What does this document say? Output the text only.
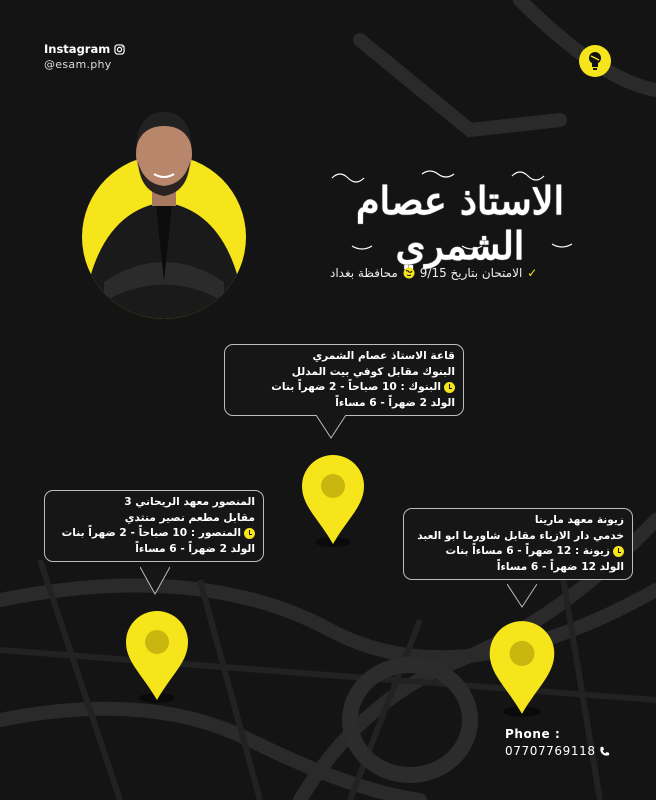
Instagram
@esam.phy
الاستاذ عصام الشمري
✓
الامتحان بتاريخ 9/15
محافظة بغداد
قاعة الاستاذ عصام الشمري
البنوك مقابل كوفي بيت المدلل
البنوك : 10 صباحاً - 2 ضهراً بنات
الولد 2 ضهراً - 6 مساءاً
المنصور معهد الريحاني 3
مقابل مطعم نصير منتدي
المنصور : 10 صباحاً - 2 ضهراً بنات
الولد 2 ضهراً - 6 مساءاً
زيونة معهد مارينا
خدمي دار الازياء مقابل شاورما ابو العبد
زيونة : 12 ضهراً - 6 مساءاً بنات
الولد 12 ضهراً - 6 مساءاً
Phone :
07707769118
